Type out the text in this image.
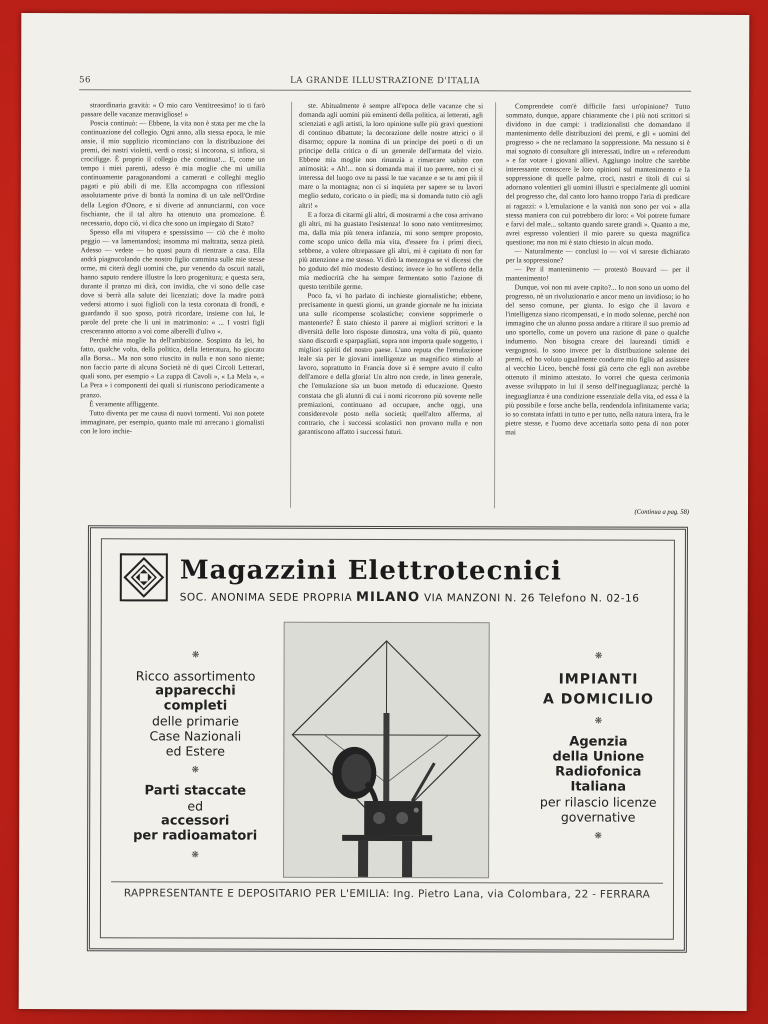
56	LA GRANDE ILLUSTRAZIONE D'ITALIA

straordinaria gravità: « O mio caro Ventitreesimo! io ti farò passare delle vacanze meravigliose! »

Poscia continuò: — Ebbene, la vita non è stata per me che la continuazione del collegio. Ogni anno, alla stessa epoca, le mie ansie, il mio supplizio ricominciano con la distribuzione dei premi, dei nastri violetti, verdi o rossi; si incorona, si infiora, si crocifigge. È proprio il collegio che continua!... E, come un tempo i miei parenti, adesso è mia moglie che mi umilia continuamente paragonandomi a camerati e colleghi meglio pagati e più abili di me. Ella accompagna con riflessioni assolutamente prive di bontà la nomina di un tale nell'Ordine della Legion d'Onore, e si diverte ad annunciarmi, con voce fischiante, che il tal altro ha ottenuto una promozione. È necessario, dopo ciò, vi dica che sono un impiegato di Stato?

Spesso ella mi vitupera e spessissimo — ciò che è molto peggio — va lamentandosi; insomma mi maltratta, senza pietà. Adesso — vedete — ho quasi paura di rientrare a casa. Ella andrà piagnucolando che nostro figlio cammina sulle mie stesse orme, mi citerà degli uomini che, pur venendo da oscuri natali, hanno saputo rendere illustre la loro progenitura; e questa sera, durante il pranzo mi dirà, con invidia, che vi sono delle case dove si berrà alla salute dei licenziati; dove la madre potrà vedersi attorno i suoi figlioli con la testa coronata di frondi, e guardando il suo sposo, potrà ricordare, insieme con lui, le parole del prete che li unì in matrimonio: « ... I vostri figli cresceranno attorno a voi come alberelli d'ulivo ».

Perchè mia moglie ha dell'ambizione. Sospinto da lei, ho fatto, qualche volta, della politica, della letteratura, ho giocato alla Borsa... Ma non sono riuscito in nulla e non sono niente; non faccio parte di alcuna Società nè di quei Circoli Letterari, quali sono, per esempio « La zuppa di Cavoli », « La Mela », « La Pera » i componenti dei quali si riuniscono periodicamente a pranzo.

È veramente affliggente.

Tutto diventa per me causa di nuovi tormenti. Voi non potete immaginare, per esempio, quanto male mi arrecano i giornalisti con le loro inchie-

ste. Abitualmente è sempre all'epoca delle vacanze che si domanda agli uomini più eminenti della politica, ai letterati, agli scienziati e agli artisti, la loro opinione sulle più gravi questioni di continuo dibattute; la decorazione delle nostre attrici o il disarmo; oppure la nomina di un principe dei poeti o di un principe della critica o di un generale dell'armata del vizio. Ebbene mia moglie non rinunzia a rimarcare subito con animosità: « Ah!... non si domanda mai il tuo parere, non ci si interessa del luogo ove tu passi le tue vacanze e se tu ami più il mare o la montagna; non ci si inquieta per sapere se tu lavori meglio seduto, coricato o in piedi; ma si domanda tutto ciò agli altri! »

E a forza di citarmi gli altri, di mostrarmi a che cosa arrivano gli altri, mi ha guastato l'esistenza! Io sono nato ventitreesimo; ma, dalla mia più tenera infanzia, mi sono sempre proposto, come scopo unico della mia vita, d'essere fra i primi dieci, sebbene, a volere oltrepassare gli altri, mi è capitato di non far più attenzione a me stesso. Vi dirò la menzogna se vi dicessi che ho goduto del mio modesto destino; invece io ho sofferto della mia mediocrità che ha sempre fermentato sotto l'azione di questo terribile germe.

Poco fa, vi ho parlato di inchieste giornalistiche; ebbene, precisamente in questi giorni, un grande giornale ne ha iniziata una sulle ricompense scolastiche; conviene sopprimerle o mantenerle? È stato chiesto il parere ai migliori scrittori e la diversità delle loro risposte dimostra, una volta di più, quanto siano discordi e sparpagliati, sopra non importa quale soggetto, i migliori spiriti del nostro paese. L'uno reputa che l'emulazione leale sia per le giovani intelligenze un magnifico stimolo al lavoro, soprattutto in Francia dove si è sempre avuto il culto dell'amore e della gloria! Un altro non crede, in linea generale, che l'emulazione sia un buon metodo di educazione. Questo constata che gli alunni di cui i nomi ricorrono più sovente nelle premiazioni, continuano ad occupare, anche oggi, una considerevole posto nella società; quell'altro afferma, al contrario, che i successi scolastici non provano nulla e non garantiscono affatto i successi futuri.

Comprendete com'è difficile farsi un'opinione? Tutto sommato, dunque, appare chiaramente che i più noti scrittori si dividono in due campi: i tradizionalisti che domandano il mantenimento delle distribuzioni dei premi, e gli « uomini del progresso » che ne reclamano la soppressione. Ma nessuno si è mai sognato di consultare gli interessati, indire un « referendum » e far votare i giovani allievi. Aggiungo inoltre che sarebbe interessante conoscere le loro opinioni sul mantenimento e la soppressione di quelle palme, croci, nastri e titoli di cui si adornano volentieri gli uomini illustri e specialmente gli uomini del progresso che, dal canto loro hanno troppo l'aria di predicare ai ragazzi: « L'emulazione e la vanità non sono per voi » alla stessa maniera con cui potrebbero dir loro: « Voi potrete fumare e farvi del male... soltanto quando sarete grandi ». Quanto a me, avrei espresso volentieri il mio parere su questa magnifica questione; ma non mi è stato chiesto in alcun modo.

— Naturalmente — conclusi io — voi vi sareste dichiarato per la soppressione?

— Per il mantenimento — protestò Bouvard — per il mantenimento!

Dunque, voi non mi avete capito?... Io non sono un uomo del progresso, nè un rivoluzionario e ancor meno un invidioso; io ho del senso comune, per giunta. Io esigo che il lavoro e l'intelligenza siano ricompensati, e in modo solenne, perchè non immagino che un alunno possa andare a ritirare il suo premio ad uno sportello, come un povero una razione di pane o qualche indumento. Non bisogna creare dei laureandi timidi e vergognosi. Io sono invece per la distribuzione solenne dei premi, ed ho voluto ugualmente condurre mio figlio ad assistere al vecchio Liceo, benchè fossi già certo che egli non avrebbe ottenuto il minimo attestato. Io vorrei che questa cerimonia avesse sviluppato in lui il senso dell'ineguaglianza; perchè la ineguaglianza è una condizione essenziale della vita, ed essa è la più possibile e forse anche bella, rendendola infinitamente varia; io so constata infatti in tutto e per tutto, nella natura intera, fra le pietre stesse, e l'uomo deve accettarla sotto pena di non poter mai

(Continua a pag. 58)
Magazzini Elettrotecnici
SOC. ANONIMA SEDE PROPRIA MILANO VIA MANZONI N. 26 Telefono N. 02-16
❋
Ricco assortimento
apparecchi
completi
delle primarie
Case Nazionali
ed Estere
❋
Parti staccate
ed
accessori
per radioamatori
❋
❋
IMPIANTI
A DOMICILIO
❋
Agenzia
della Unione
Radiofonica
Italiana
per rilascio licenze
governative
❋
RAPPRESENTANTE E DEPOSITARIO PER L'EMILIA: Ing. Pietro Lana, via Colombara, 22 - FERRARA
